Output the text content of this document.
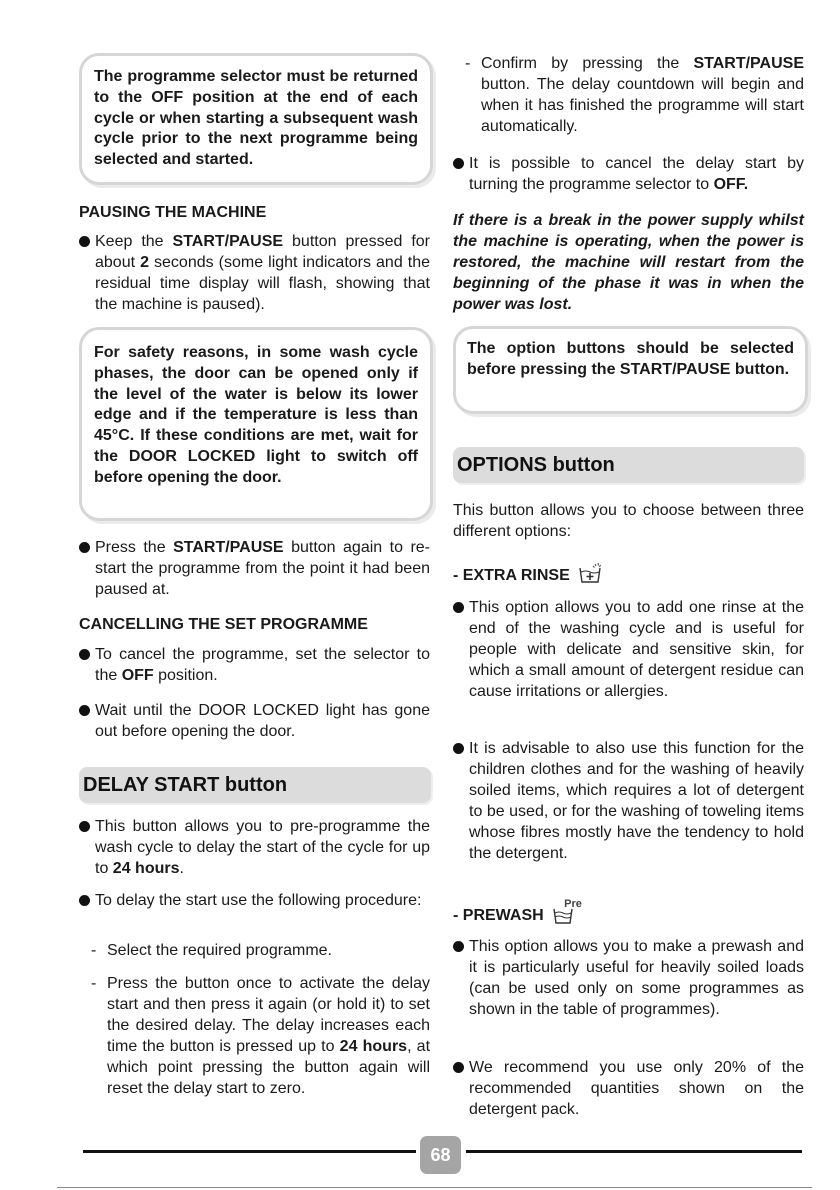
The programme selector must be returned to the OFF position at the end of each cycle or when starting a subsequent wash cycle prior to the next programme being selected and started.

PAUSING THE MACHINE
Keep the START/PAUSE button pressed for about 2 seconds (some light indicators and the residual time display will flash, showing that the machine is paused).

For safety reasons, in some wash cycle phases, the door can be opened only if the level of the water is below its lower edge and if the temperature is less than 45°C. If these conditions are met, wait for the DOOR LOCKED light to switch off before opening the door.

Press the START/PAUSE button again to re-start the programme from the point it had been paused at.
CANCELLING THE SET PROGRAMME
To cancel the programme, set the selector to the OFF position.
Wait until the DOOR LOCKED light has gone out before opening the door.
DELAY START button
This button allows you to pre-programme the wash cycle to delay the start of the cycle for up to 24 hours.
To delay the start use the following procedure:
- Select the required programme.
- Press the button once to activate the delay start and then press it again (or hold it) to set the desired delay. The delay increases each time the button is pressed up to 24 hours, at which point pressing the button again will reset the delay start to zero.
- Confirm by pressing the START/PAUSE button. The delay countdown will begin and when it has finished the programme will start automatically.
It is possible to cancel the delay start by turning the programme selector to OFF.
If there is a break in the power supply whilst the machine is operating, when the power is restored, the machine will restart from the beginning of the phase it was in when the power was lost.

The option buttons should be selected before pressing the START/PAUSE button.

OPTIONS button
This button allows you to choose between three different options:
- EXTRA RINSE
This option allows you to add one rinse at the end of the washing cycle and is useful for people with delicate and sensitive skin, for which a small amount of detergent residue can cause irritations or allergies.
It is advisable to also use this function for the children clothes and for the washing of heavily soiled items, which requires a lot of detergent to be used, or for the washing of toweling items whose fibres mostly have the tendency to hold the detergent.
- PREWASH
Pre
This option allows you to make a prewash and it is particularly useful for heavily soiled loads (can be used only on some programmes as shown in the table of programmes).
We recommend you use only 20% of the recommended quantities shown on the detergent pack.
68
